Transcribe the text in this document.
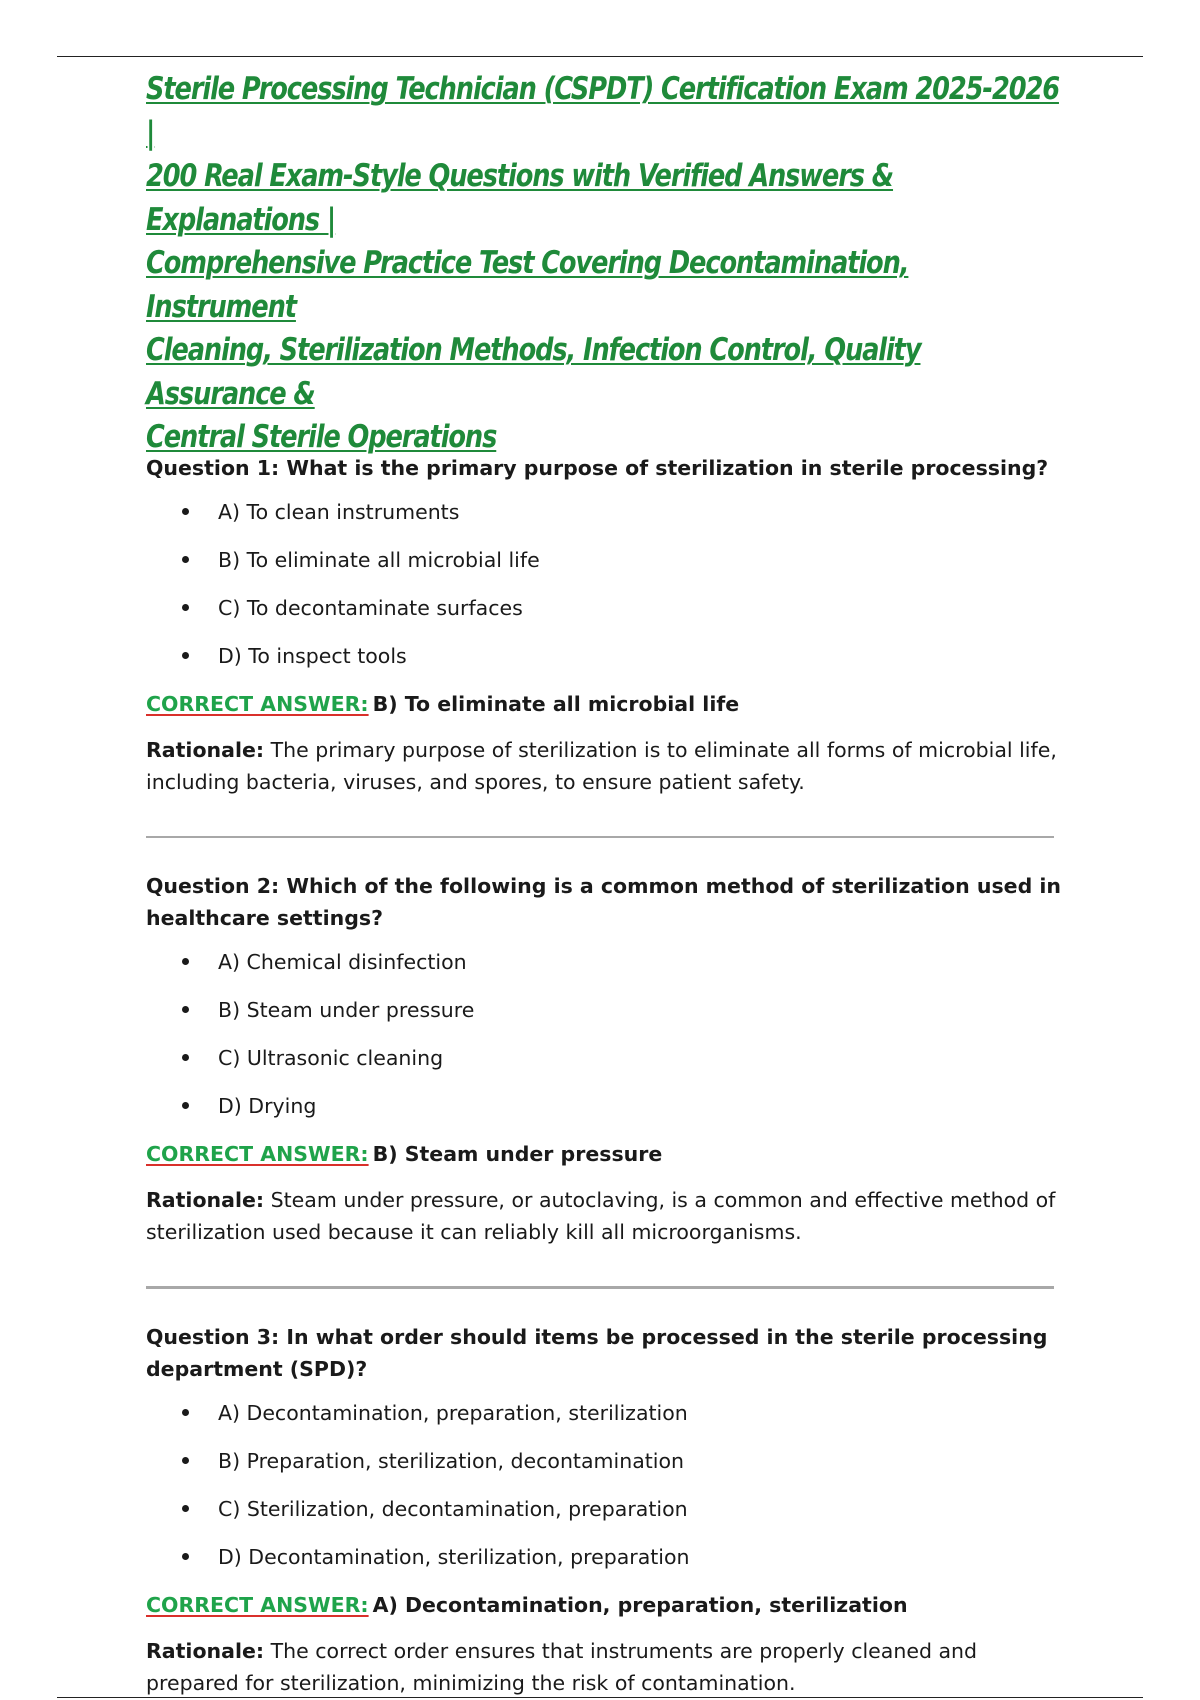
Sterile Processing Technician (CSPDT) Certification Exam 2025-2026 |
200 Real Exam-Style Questions with Verified Answers & Explanations |
Comprehensive Practice Test Covering Decontamination, Instrument
Cleaning, Sterilization Methods, Infection Control, Quality Assurance &
Central Sterile Operations

Question 1: What is the primary purpose of sterilization in sterile processing?

A) To clean instruments
B) To eliminate all microbial life
C) To decontaminate surfaces
D) To inspect tools

CORRECT ANSWER: B) To eliminate all microbial life

Rationale: The primary purpose of sterilization is to eliminate all forms of microbial life, including bacteria, viruses, and spores, to ensure patient safety.

Question 2: Which of the following is a common method of sterilization used in healthcare settings?

A) Chemical disinfection
B) Steam under pressure
C) Ultrasonic cleaning
D) Drying

CORRECT ANSWER: B) Steam under pressure

Rationale: Steam under pressure, or autoclaving, is a common and effective method of sterilization used because it can reliably kill all microorganisms.

Question 3: In what order should items be processed in the sterile processing department (SPD)?

A) Decontamination, preparation, sterilization
B) Preparation, sterilization, decontamination
C) Sterilization, decontamination, preparation
D) Decontamination, sterilization, preparation

CORRECT ANSWER: A) Decontamination, preparation, sterilization

Rationale: The correct order ensures that instruments are properly cleaned and prepared for sterilization, minimizing the risk of contamination.
